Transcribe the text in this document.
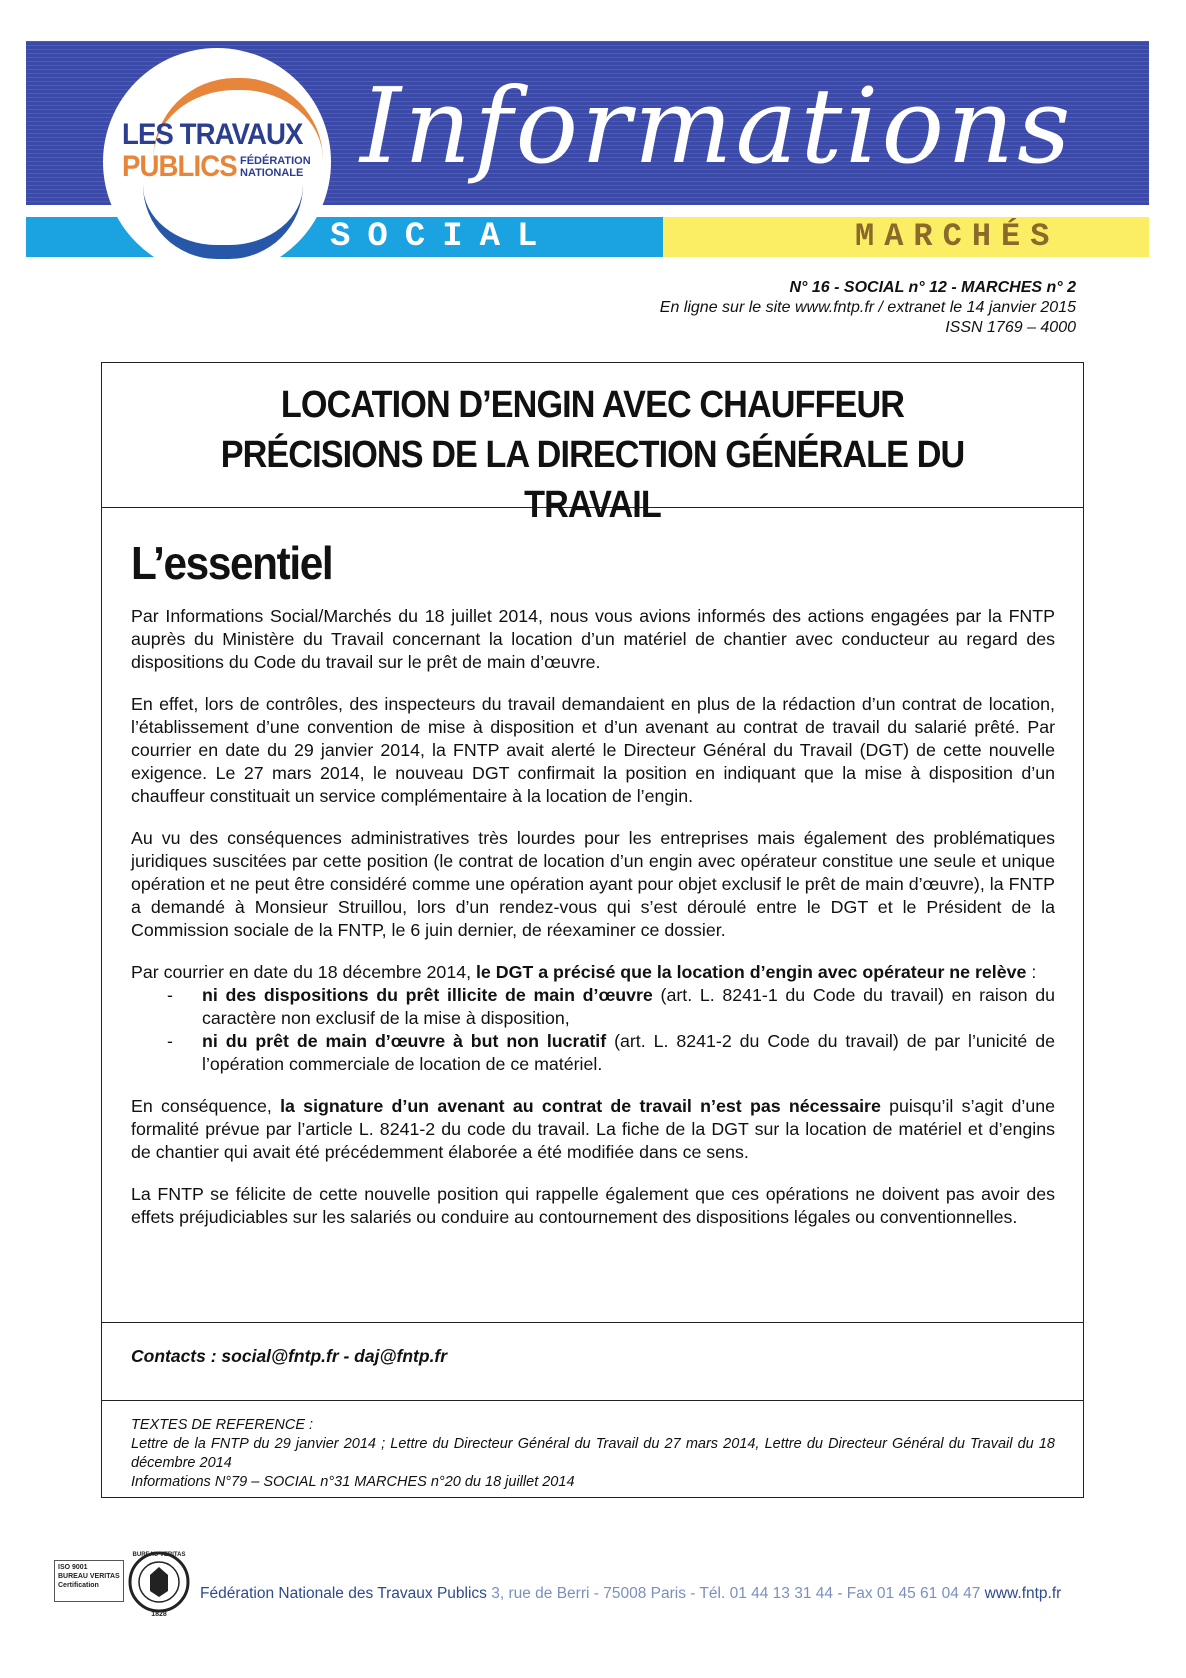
Informations
SOCIAL	MARCHÉS
LES TRAVAUX
PUBLICS FÉDÉRATION NATIONALE
N° 16 - SOCIAL n° 12 - MARCHES n° 2
En ligne sur le site www.fntp.fr / extranet le 14 janvier 2015
ISSN 1769 – 4000
LOCATION D’ENGIN AVEC CHAUFFEUR
PRÉCISIONS DE LA DIRECTION GÉNÉRALE DU TRAVAIL
L’essentiel

Par Informations Social/Marchés du 18 juillet 2014, nous vous avions informés des actions engagées par la FNTP auprès du Ministère du Travail concernant la location d’un matériel de chantier avec conducteur au regard des dispositions du Code du travail sur le prêt de main d’œuvre.

En effet, lors de contrôles, des inspecteurs du travail demandaient en plus de la rédaction d’un contrat de location, l’établissement d’une convention de mise à disposition et d’un avenant au contrat de travail du salarié prêté. Par courrier en date du 29 janvier 2014, la FNTP avait alerté le Directeur Général du Travail (DGT) de cette nouvelle exigence. Le 27 mars 2014, le nouveau DGT confirmait la position en indiquant que la mise à disposition d’un chauffeur constituait un service complémentaire à la location de l’engin.

Au vu des conséquences administratives très lourdes pour les entreprises mais également des problématiques juridiques suscitées par cette position (le contrat de location d’un engin avec opérateur constitue une seule et unique opération et ne peut être considéré comme une opération ayant pour objet exclusif le prêt de main d’œuvre), la FNTP a demandé à Monsieur Struillou, lors d’un rendez-vous qui s’est déroulé entre le DGT et le Président de la Commission sociale de la FNTP, le 6 juin dernier, de réexaminer ce dossier.

Par courrier en date du 18 décembre 2014, le DGT a précisé que la location d’engin avec opérateur ne relève :

- ni des dispositions du prêt illicite de main d’œuvre (art. L. 8241-1 du Code du travail) en raison du caractère non exclusif de la mise à disposition,
- ni du prêt de main d’œuvre à but non lucratif (art. L. 8241-2 du Code du travail) de par l’unicité de l’opération commerciale de location de ce matériel.

En conséquence, la signature d’un avenant au contrat de travail n’est pas nécessaire puisqu’il s’agit d’une formalité prévue par l’article L. 8241-2 du code du travail. La fiche de la DGT sur la location de matériel et d’engins de chantier qui avait été précédemment élaborée a été modifiée dans ce sens.

La FNTP se félicite de cette nouvelle position qui rappelle également que ces opérations ne doivent pas avoir des effets préjudiciables sur les salariés ou conduire au contournement des dispositions légales ou conventionnelles.

Contacts : social@fntp.fr - daj@fntp.fr
TEXTES DE REFERENCE :
Lettre de la FNTP du 29 janvier 2014 ; Lettre du Directeur Général du Travail du 27 mars 2014, Lettre du Directeur Général du Travail du 18 décembre 2014
Informations N°79 – SOCIAL n°31 MARCHES n°20 du 18 juillet 2014
ISO 9001
BUREAU VERITAS
Certification
BUREAU VERITAS
1828
Fédération Nationale des Travaux Publics 3, rue de Berri - 75008 Paris - Tél. 01 44 13 31 44 - Fax 01 45 61 04 47 www.fntp.fr
